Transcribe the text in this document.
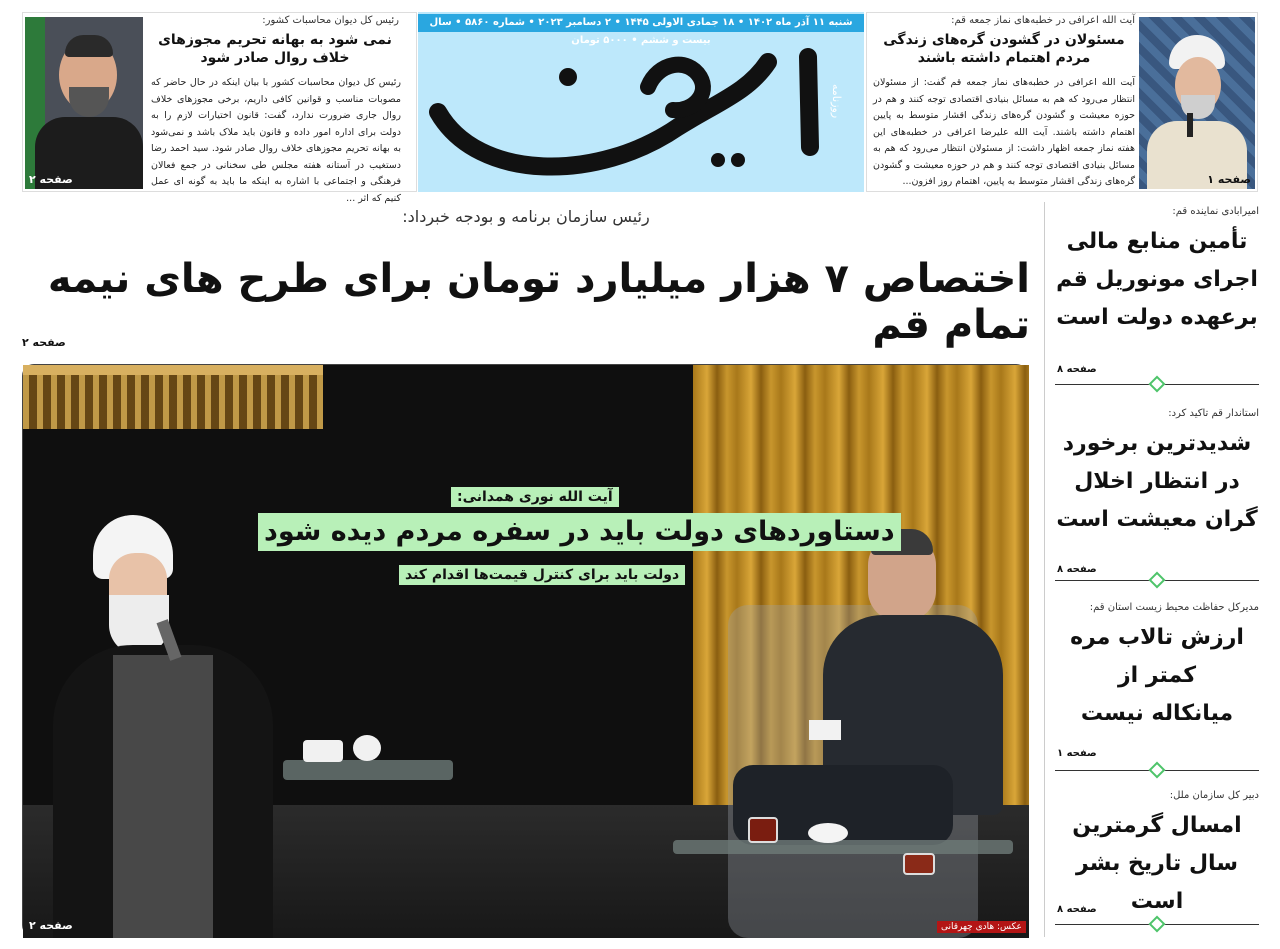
صفحه ۲
رئیس کل دیوان محاسبات کشور:
نمی شود به بهانه تحریم مجوزهای
خلاف روال صادر شود
رئیس کل دیوان محاسبات کشور با بیان اینکه در حال حاضر که مصوبات مناسب و قوانین کافی داریم، برخی مجوزهای خلاف روال جاری ضرورت ندارد، گفت: قانون اختیارات لازم را به دولت برای اداره امور داده و قانون باید ملاک باشد و نمی‌شود به بهانه تحریم مجوزهای خلاف روال صادر شود. سید احمد رضا دستغیب در آستانه هفته مجلس طی سخنانی در جمع فعالان فرهنگی و اجتماعی با اشاره به اینکه ما باید به گونه ای عمل کنیم که اثر ...
شنبه ۱۱ آذر ماه ۱۴۰۲ • ۱۸ جمادی الاولی ۱۴۴۵ • ۲ دسامبر ۲۰۲۳ • شماره ۵۸۶۰ • سال بیست و ششم • ۵۰۰۰ تومان
روزنامه
آیت الله اعرافی در خطبه‌های نماز جمعه قم:
مسئولان در گشودن گره‌های زندگی
مردم اهتمام داشته باشند
آیت الله اعرافی در خطبه‌های نماز جمعه قم گفت: از مسئولان انتظار می‌رود که هم به مسائل بنیادی اقتصادی توجه کنند و هم در حوزه معیشت و گشودن گره‌های زندگی اقشار متوسط به پایین اهتمام داشته باشند. آیت الله علیرضا اعرافی در خطبه‌های این هفته نماز جمعه اظهار داشت: از مسئولان انتظار می‌رود که هم به مسائل بنیادی اقتصادی توجه کنند و هم در حوزه معیشت و گشودن گره‌های زندگی اقشار متوسط به پایین، اهتمام روز افزون...	صفحه ۱
رئیس سازمان برنامه و بودجه خبرداد:
اختصاص ۷ هزار میلیارد تومان برای طرح های نیمه تمام قم
صفحه ۲
آیت الله نوری همدانی:
دستاوردهای دولت باید در سفره مردم دیده شود
دولت باید برای کنترل قیمت‌ها اقدام کند
عکس: هادی چهرقانی
صفحه ۲
امیرابادی نماینده قم:
تأمین منابع مالی
اجرای مونوریل قم
برعهده دولت است
صفحه ۸
استاندار قم تاکید کرد:
شدیدترین برخورد
در انتظار اخلال
گران معیشت است
صفحه ۸
مدیرکل حفاظت محیط زیست استان قم:
ارزش تالاب مره
کمتر از
میانکاله نیست
صفحه ۱
دبیر کل سازمان ملل:
امسال گرمترین
سال تاریخ بشر است
صفحه ۸
